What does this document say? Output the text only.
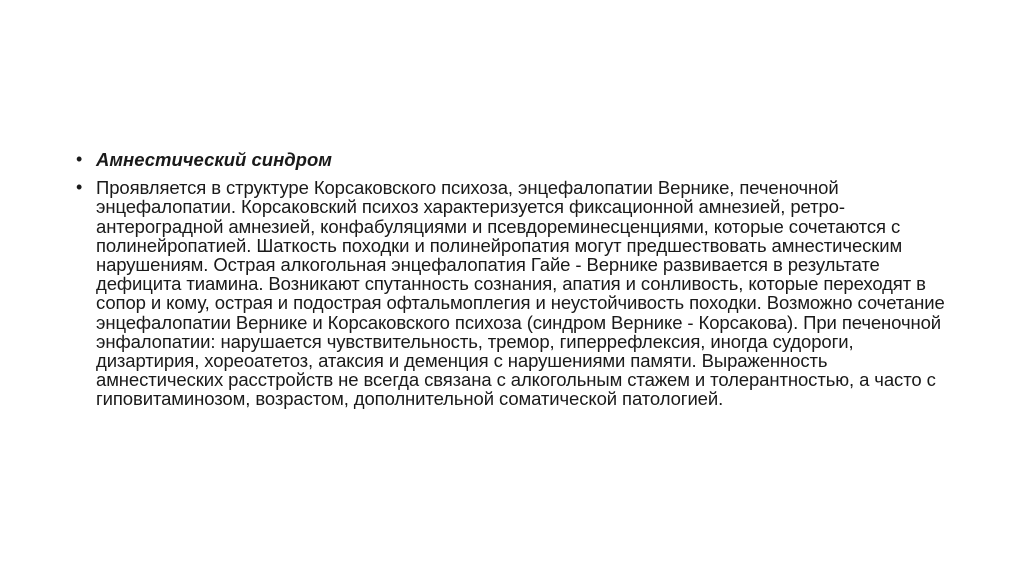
• Амнестический синдром
• Проявляется в структуре Корсаковского психоза, энцефалопатии Вернике, печеночной энцефалопатии. Корсаковский психоз характеризуется фиксационной амнезией, ретро-антероградной амнезией, конфабуляциями и псевдореминесценциями, которые сочетаются с полинейропатией. Шаткость походки и полинейропатия могут предшествовать амнестическим нарушениям. Острая алкогольная энцефалопатия Гайе - Вернике развивается в результате дефицита тиамина. Возникают спутанность сознания, апатия и сонливость, которые переходят в сопор и кому, острая и подострая офтальмоплегия и неустойчивость походки. Возможно сочетание энцефалопатии Вернике и Корсаковского психоза (синдром Вернике - Корсакова). При печеночной энфалопатии: нарушается чувствительность, тремор, гиперрефлексия, иногда судороги, дизартирия, хореоатетоз, атаксия и деменция с нарушениями памяти. Выраженность амнестических расстройств не всегда связана с алкогольным стажем и толерантностью, а часто с гиповитаминозом, возрастом, дополнительной соматической патологией.
